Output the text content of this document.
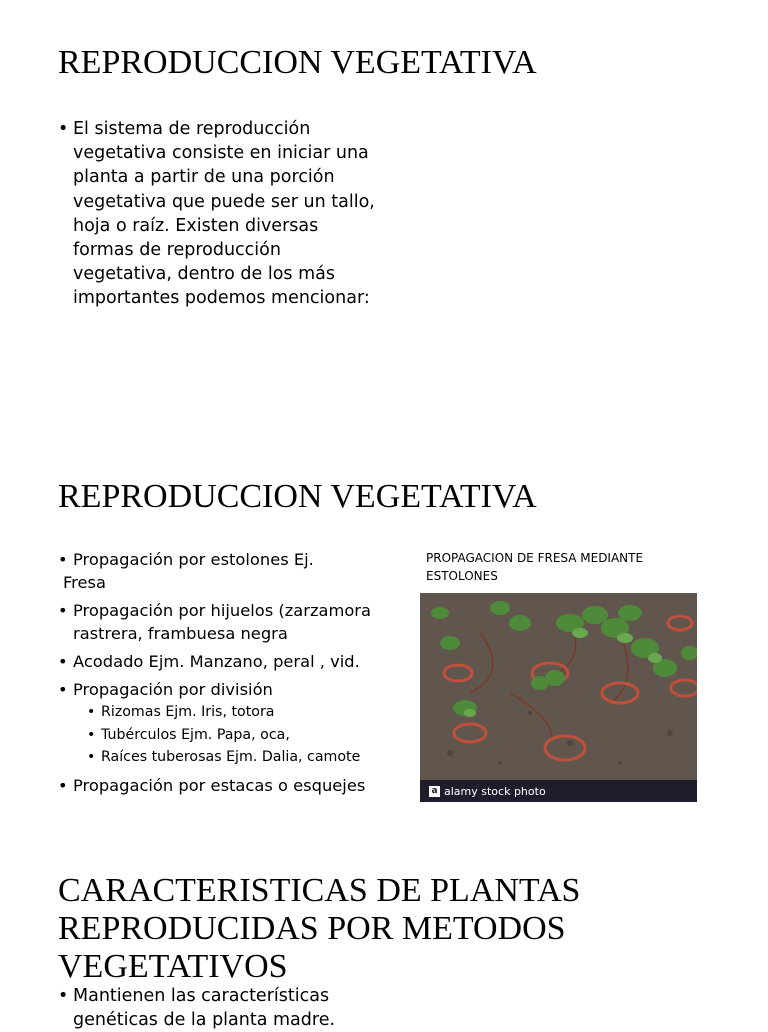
REPRODUCCION VEGETATIVA
• El sistema de reproducción vegetativa consiste en iniciar una planta a partir de una porción vegetativa que puede ser un tallo, hoja o raíz. Existen diversas formas de reproducción vegetativa, dentro de los más importantes podemos mencionar:
REPRODUCCION VEGETATIVA
• Propagación por estolones Ej.
Fresa
• Propagación por hijuelos (zarzamora rastrera, frambuesa negra
• Acodado Ejm. Manzano, peral , vid.
• Propagación por división
• Rizomas Ejm. Iris, totora
• Tubérculos Ejm. Papa, oca,
• Raíces tuberosas Ejm. Dalia, camote
• Propagación por estacas o esquejes
PROPAGACION DE FRESA MEDIANTE ESTOLONES
a alamy stock photo
CARACTERISTICAS DE PLANTAS REPRODUCIDAS POR METODOS VEGETATIVOS
• Mantienen las características genéticas de la planta madre.
